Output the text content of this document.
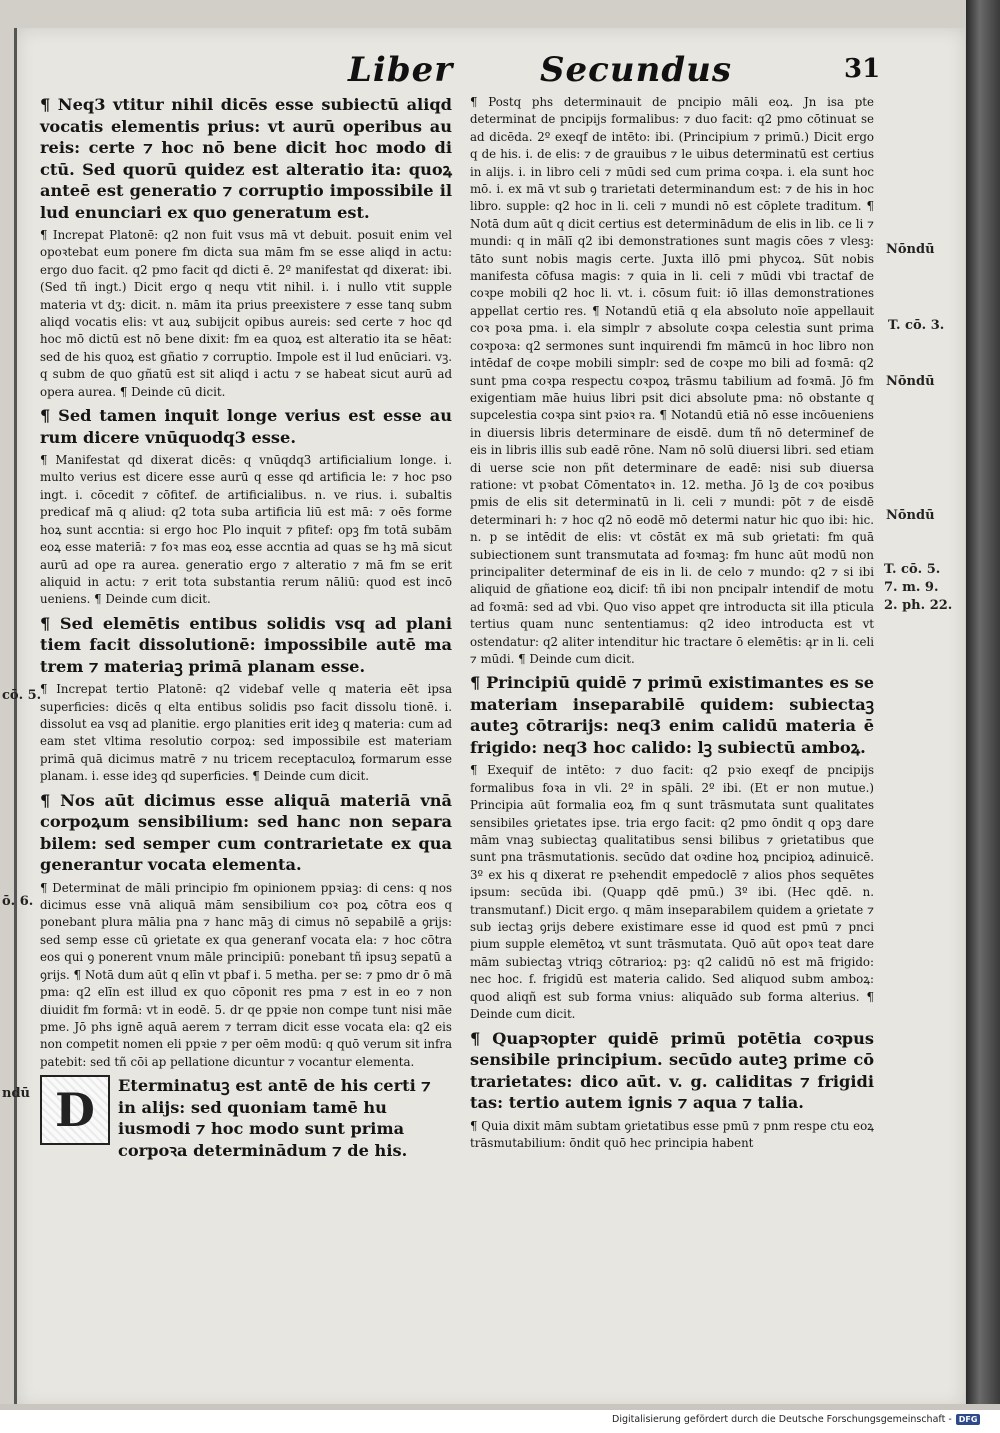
Liber	Secundus	31

¶ Neq3 vtitur nihil dicēs esse subiectū aliqd vocatis elementis prius: vt aurū operibus au reis: certe ⁊ hoc nō bene dicit hoc modo di ctū. Sed quorū quidez est alteratio ita: quoꝝ anteē est generatio ⁊ corruptio impossibile il lud enunciari ex quo generatum est.

¶ Increpat Platonē: q2 non fuit vsus mā vt debuit. posuit enim vel opoꝛtebat eum ponere fm dicta sua mām fm se esse aliqd in actu: ergo duo facit. q2 pmo facit qd dicti ē. 2º manifestat qd dixerat: ibi. (Sed tñ ingt.) Dicit ergo q nequ vtit nihil. i. i nullo vtit supple materia vt dʒ: dicit. n. mām ita prius preexistere ⁊ esse tanq subm aliqd vocatis elis: vt auꝝ subijcit opibus aureis: sed certe ⁊ hoc qd hoc mō dictū est nō bene dixit: fm ea quoꝝ est alteratio ita se hēat: sed de his quoꝝ est gñatio ⁊ corruptio. Impole est il lud enūciari. vꝫ. q subm de quo gñatū est sit aliqd i actu ⁊ se habeat sicut aurū ad opera aurea. ¶ Deinde cū dicit.

¶ Sed tamen inquit longe verius est esse au rum dicere vnūquodq3 esse.

¶ Manifestat qd dixerat dicēs: q vnūqdq3 artificialium longe. i. multo verius est dicere esse aurū q esse qd artificia le: ⁊ hoc pso ingt. i. cōcedit ⁊ cōfitef. de artificialibus. n. ve rius. i. subaltis predicaf mā q aliud: q2 tota suba artificia liū est mā: ⁊ oēs forme hoꝝ sunt accntia: si ergo hoc Plo inquit ⁊ pfitef: opꝫ fm totā subām eoꝝ esse materiā: ⁊ foꝛ mas eoꝝ esse accntia ad quas se hꝫ mā sicut aurū ad ope ra aurea. generatio ergo ⁊ alteratio ⁊ mā fm se erit aliquid in actu: ⁊ erit tota substantia rerum nāliū: quod est incō ueniens. ¶ Deinde cum dicit.

¶ Sed elemētis entibus solidis vsq ad plani tiem facit dissolutionē: impossibile autē ma trem ⁊ materiaꝫ primā planam esse.

¶ Increpat tertio Platonē: q2 videbaf velle q materia eēt ipsa superficies: dicēs q elta entibus solidis pso facit dissolu tionē. i. dissolut ea vsq ad planitie. ergo planities erit ideꝫ q materia: cum ad eam stet vltima resolutio corpoꝝ: sed impossibile est materiam primā quā dicimus matrē ⁊ nu tricem receptaculoꝝ formarum esse planam. i. esse ideꝫ qd superficies. ¶ Deinde cum dicit.

¶ Nos aūt dicimus esse aliquā materiā vnā corpoꝝum sensibilium: sed hanc non separa bilem: sed semper cum contrarietate ex qua generantur vocata elementa.

¶ Determinat de māli principio fm opinionem ppꝛiaꝫ: di cens: q nos dicimus esse vnā aliquā mām sensibilium coꝛ poꝝ cōtra eos q ponebant plura mālia pna ⁊ hanc māꝫ di cimus nō sepabilē a ꝯrijs: sed semp esse cū ꝯrietate ex qua generanf vocata ela: ⁊ hoc cōtra eos qui ꝯ ponerent vnum māle principiū: ponebant tñ ipsuꝫ sepatū a ꝯrijs. ¶ Notā dum aūt q elīn vt pbaf i. 5 metha. per se: ⁊ pmo dr ō mā pma: q2 elīn est illud ex quo cōponit res pma ⁊ est in eo ⁊ non diuidit fm formā: vt in eodē. 5. dr qe ppꝛie non compe tunt nisi māe pme. Jō phs ignē aquā aerem ⁊ terram dicit esse vocata ela: q2 eis non competit nomen eli ppꝛie ⁊ per oēm modū: q quō verum sit infra patebit: sed tñ cōi ap pellatione dicuntur ⁊ vocantur elementa.

D Eterminatuꝫ est antē de his certi ⁊ in alijs: sed quoniam tamē hu iusmodi ⁊ hoc modo sunt prima corpoꝛa determinādum ⁊ de his.

¶ Postq phs determinauit de pncipio māli eoꝝ. Jn isa pte determinat de pncipijs formalibus: ⁊ duo facit: q2 pmo cōtinuat se ad dicēda. 2º exeqf de intēto: ibi. (Principium ⁊ primū.) Dicit ergo q de his. i. de elis: ⁊ de grauibus ⁊ le uibus determinatū est certius in alijs. i. in libro celi ⁊ mūdi sed cum prima coꝛpa. i. ela sunt hoc mō. i. ex mā vt sub ꝯ trarietati determinandum est: ⁊ de his in hoc libro. supple: q2 hoc in li. celi ⁊ mundi nō est cōplete traditum. ¶ Notā dum aūt q dicit certius est determinādum de elis in lib. ce li ⁊ mundi: q in mālī q2 ibi demonstrationes sunt magis cōes ⁊ vlesꝫ: tāto sunt nobis magis certe. Juxta illō pmi phycoꝝ. Sūt nobis manifesta cōfusa magis: ⁊ quia in li. celi ⁊ mūdi vbi tractaf de coꝛpe mobili q2 hoc li. vt. i. cōsum fuit: iō illas demonstrationes appellat certio res. ¶ Notandū etiā q ela absoluto noīe appellauit coꝛ poꝛa pma. i. ela simplr ⁊ absolute coꝛpa celestia sunt prima coꝛpoꝛa: q2 sermones sunt inquirendi fm māmcū in hoc libro non intēdaf de coꝛpe mobili simplr: sed de coꝛpe mo bili ad foꝛmā: q2 sunt pma coꝛpa respectu coꝛpoꝝ trāsmu tabilium ad foꝛmā. Jō fm exigentiam māe huius libri psit dici absolute pma: nō obstante q supcelestia coꝛpa sint pꝛioꝛ ra. ¶ Notandū etiā nō esse incōueniens in diuersis libris determinare de eisdē. dum tñ nō determinef de eis in libris illis sub eadē rōne. Nam nō solū diuersi libri. sed etiam di uerse scie non pñt determinare de eadē: nisi sub diuersa ratione: vt pꝛobat Cōmentatoꝛ in. 12. metha. Jō lꝫ de coꝛ poꝛibus pmis de elis sit determinatū in li. celi ⁊ mundi: pōt ⁊ de eisdē determinari h: ⁊ hoc q2 nō eodē mō determi natur hic quo ibi: hic. n. p se intēdit de elis: vt cōstāt ex mā sub ꝯrietati: fm quā subiectionem sunt transmutata ad foꝛmaꝫ: fm hunc aūt modū non principaliter determinaf de eis in li. de celo ⁊ mundo: q2 ⁊ si ibi aliquid de gñatione eoꝝ dicif: tñ ibi non pncipalr intendif de motu ad foꝛmā: sed ad vbi. Quo viso appet qre introducta sit illa pticula tertius quam nunc sententiamus: q2 ideo introducta est vt ostendatur: q2 aliter intenditur hic tractare ō elemētis: ąr in li. celi ⁊ mūdi. ¶ Deinde cum dicit.

¶ Principiū quidē ⁊ primū existimantes es se materiam inseparabilē quidem: subiectaꝫ auteꝫ cōtrarijs: neq3 enim calidū materia ē frigido: neq3 hoc calido: lꝫ subiectū amboꝝ.

¶ Exequif de intēto: ⁊ duo facit: q2 pꝛio exeqf de pncipijs formalibus foꝛa in vli. 2º in spāli. 2º ibi. (Et er non mutue.) Principia aūt formalia eoꝝ fm q sunt trāsmutata sunt qualitates sensibiles ꝯrietates ipse. tria ergo facit: q2 pmo ōndit q opꝫ dare mām vnaꝫ subiectaꝫ qualitatibus sensi bilibus ⁊ ꝯrietatibus que sunt pna trāsmutationis. secūdo dat oꝛdine hoꝝ pncipioꝝ adinuicē. 3º ex his q dixerat re pꝛehendit empedoclē ⁊ alios phos sequētes ipsum: secūda ibi. (Quapp qdē pmū.) 3º ibi. (Hec qdē. n. transmutanf.) Dicit ergo. q mām inseparabilem quidem a ꝯrietate ⁊ sub iectaꝫ ꝯrijs debere existimare esse id quod est pmū ⁊ pnci pium supple elemētoꝝ vt sunt trāsmutata. Quō aūt opoꝛ teat dare mām subiectaꝫ vtriqꝫ cōtrarioꝝ: pꝫ: q2 calidū nō est mā frigido: nec hoc. f. frigidū est materia calido. Sed aliquod subm amboꝝ: quod aliqñ est sub forma vnius: aliquādo sub forma alterius. ¶ Deinde cum dicit.

¶ Quapꝛopter quidē primū potētia coꝛpus sensibile principium. secūdo auteꝫ prime cō trarietates: dico aūt. v. g. caliditas ⁊ frigidi tas: tertio autem ignis ⁊ aqua ⁊ talia.

¶ Quia dixit mām subtam ꝯrietatibus esse pmū ⁊ pnm respe ctu eoꝝ trāsmutabilium: ōndit quō hec principia habent

Nōndū
T. cō. 3.
Nōndū
Nōndū
T. cō. 5.
7. m. 9.
2. ph. 22.
cō. 5.
ō. 6.
ndū
Digitalisierung gefördert durch die Deutsche Forschungsgemeinschaft - DFG
